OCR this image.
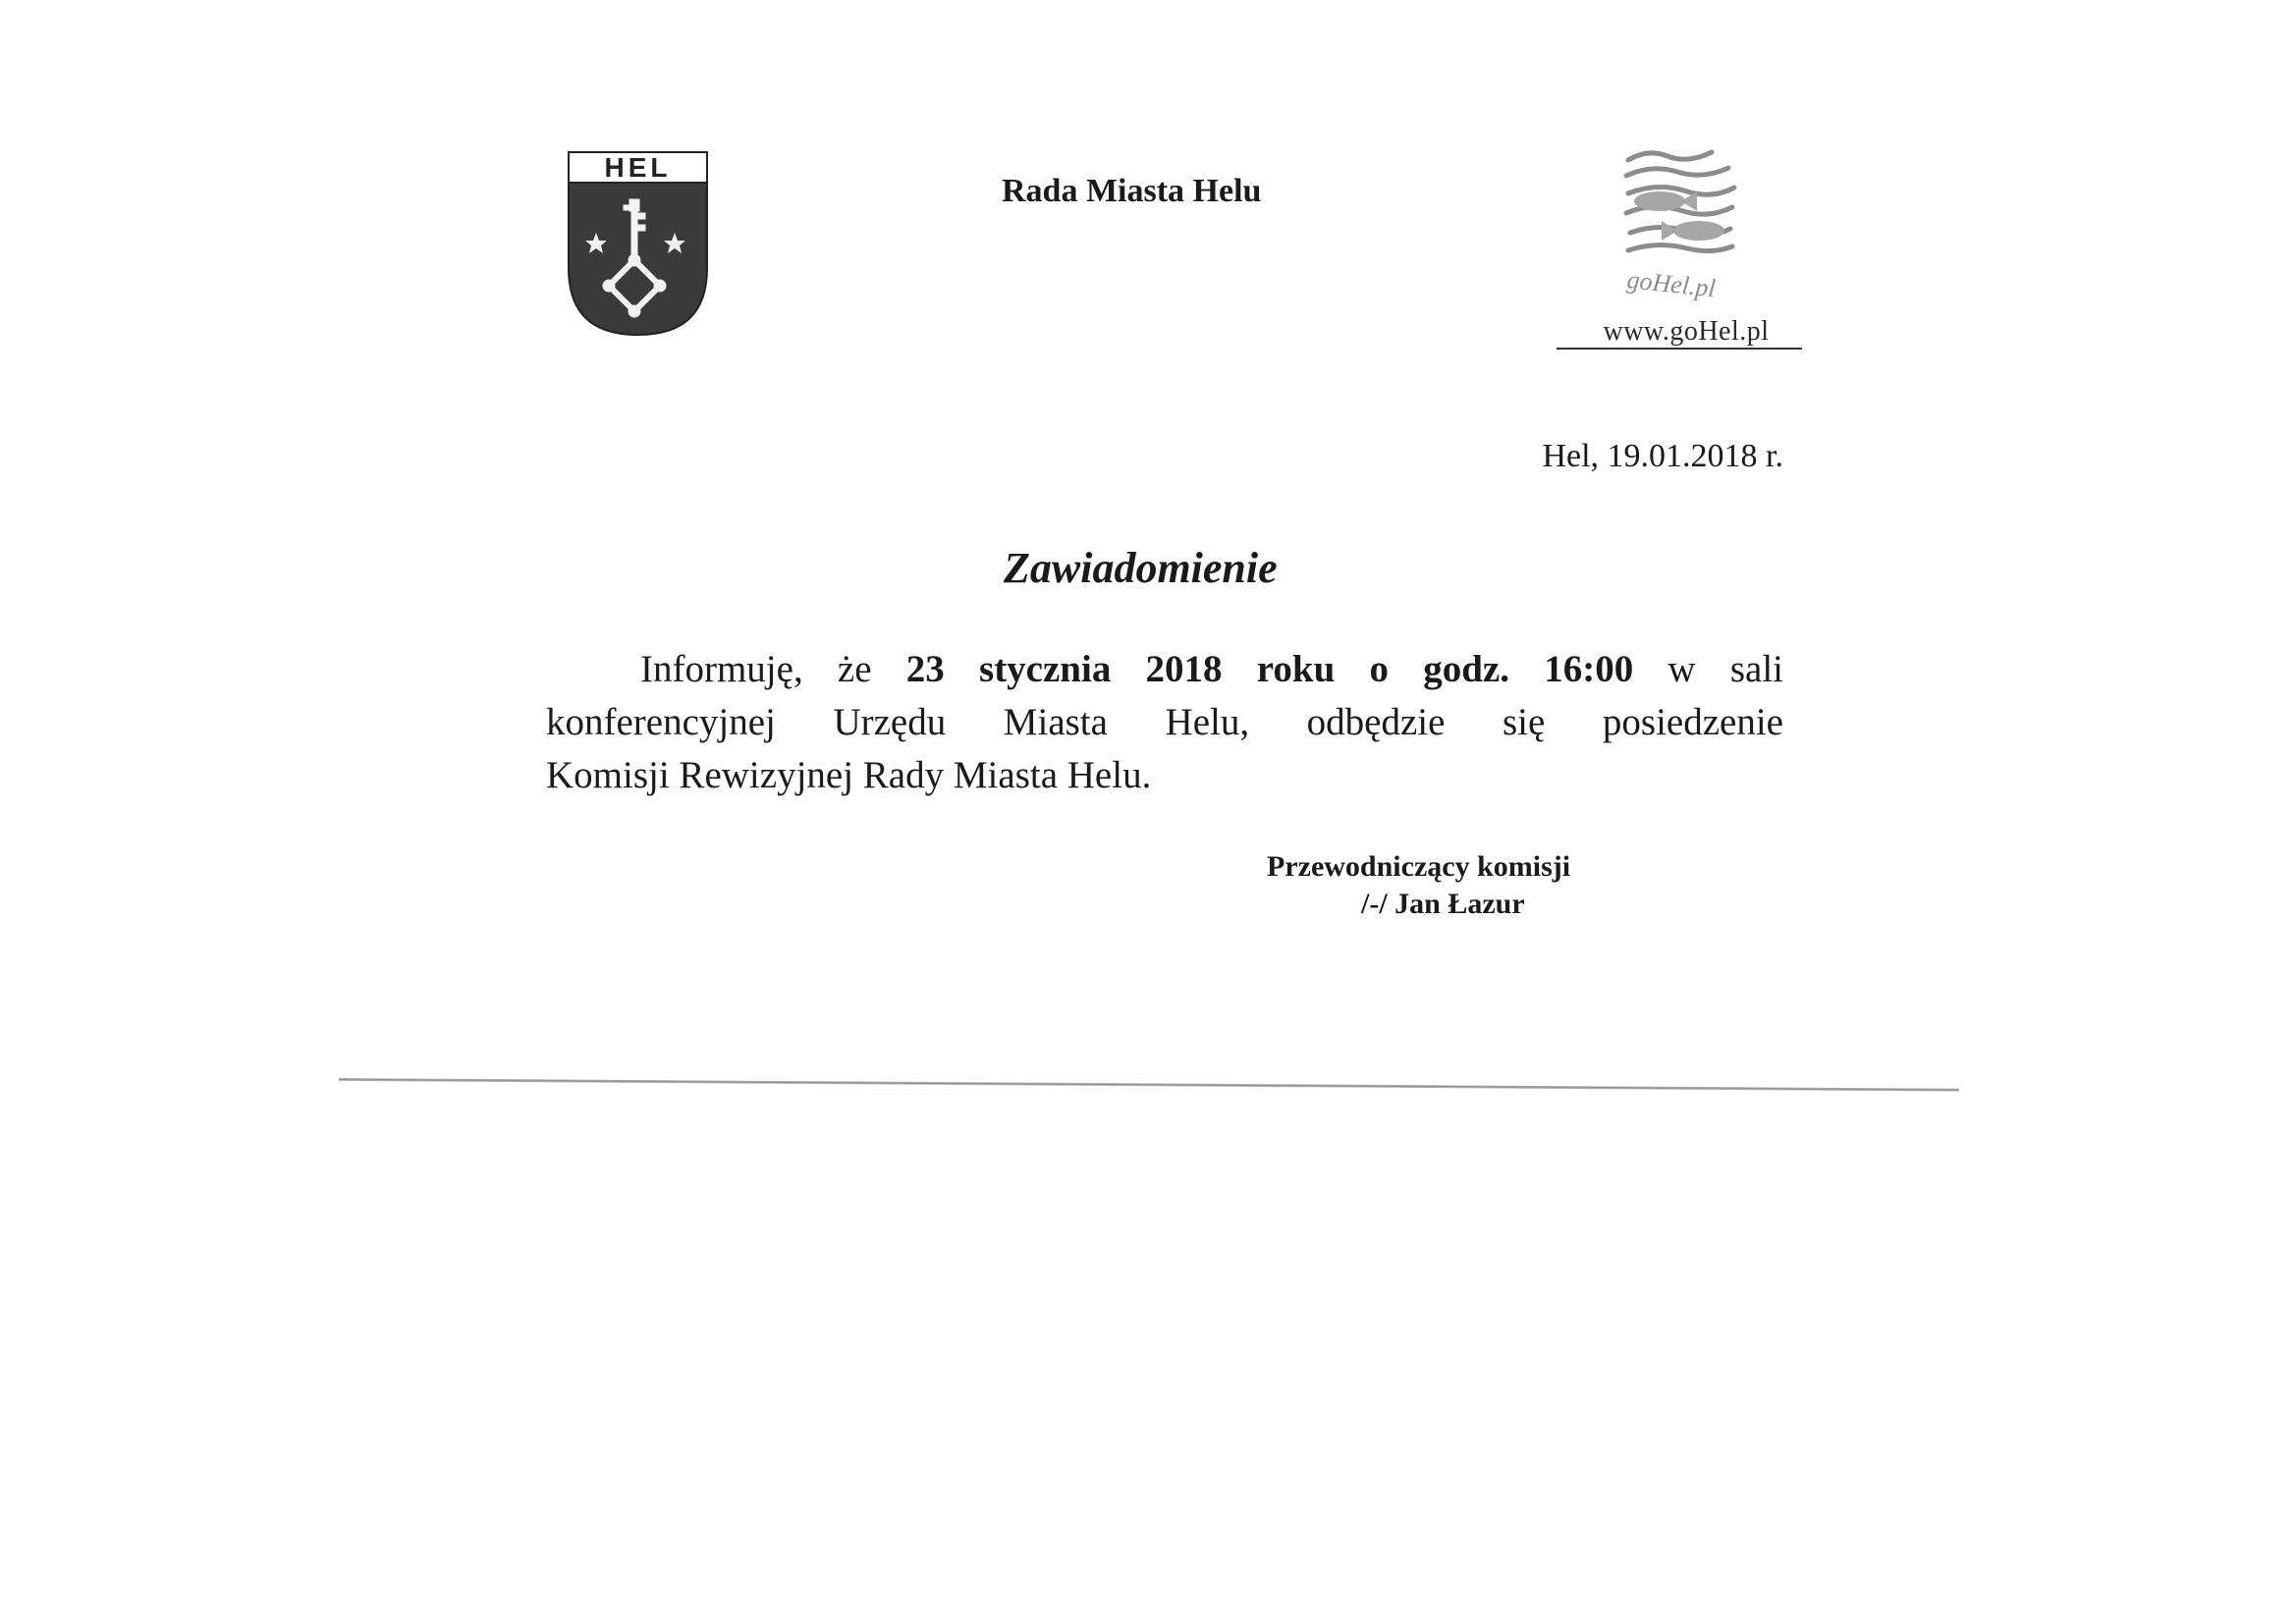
HEL
Rada Miasta Helu
goHel.pl
www.goHel.pl
Hel, 19.01.2018 r.
Zawiadomienie
Informuję, że 23 stycznia 2018 roku o godz. 16:00 w sali
konferencyjnej Urzędu Miasta Helu, odbędzie się posiedzenie
Komisji Rewizyjnej Rady Miasta Helu.
Przewodniczący komisji
/-/ Jan Łazur
